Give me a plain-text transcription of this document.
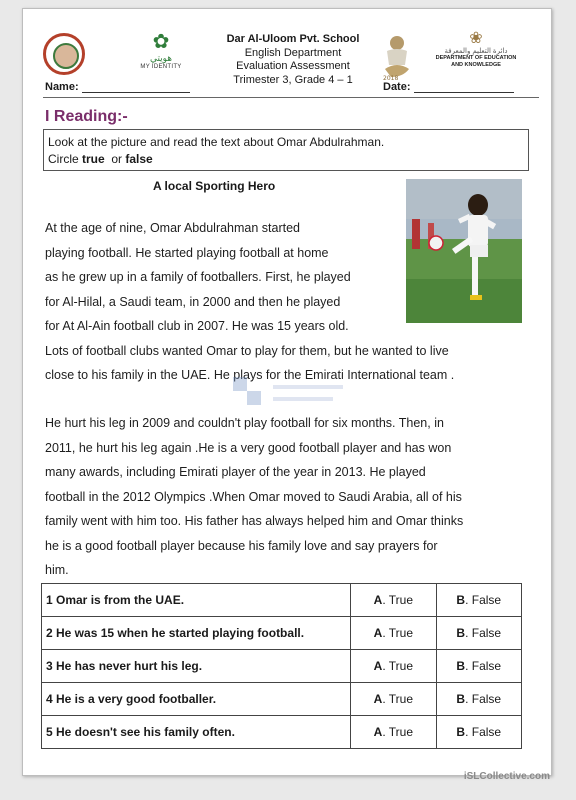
✿
هويتي
MY IDENTITY
Dar Al-Uloom Pvt. School
English Department
Evaluation Assessment
Trimester 3, Grade 4 – 1	2018
❀
دائرة التعليم والمعرفة
DEPARTMENT OF EDUCATION AND KNOWLEDGE
Name:	Date:
I Reading:-
Look at the picture and read the text about Omar Abdulrahman.
Circle true  or false
A local Sporting Hero
At the age of nine, Omar Abdulrahman started
playing football. He started playing football at home
as he grew up in a family of footballers. First, he played
for Al-Hilal, a Saudi team, in 2000 and then he played
for At Al-Ain football club in 2007. He was 15 years old.
Lots of football clubs wanted Omar to play for them, but he wanted to live
close to his family in the UAE. He plays for the Emirati International team .
He hurt his leg in 2009 and couldn't play football for six months. Then, in
2011, he hurt his leg again .He is a very good football player and has won
many awards, including Emirati player of the year in 2013. He played
football in the 2012 Olympics .When Omar moved to Saudi Arabia, all of his
family went with him too. His father has always helped him and Omar thinks
he is a good football player because his family love and say prayers for
him.
1 Omar is from the UAE.	A. True	B. False
2 He was 15 when he started playing football.	A. True	B. False
3 He has never hurt his leg.	A. True	B. False
4 He is a very good footballer.	A. True	B. False
5 He doesn't see his family often.	A. True	B. False
iSLCollective.com
